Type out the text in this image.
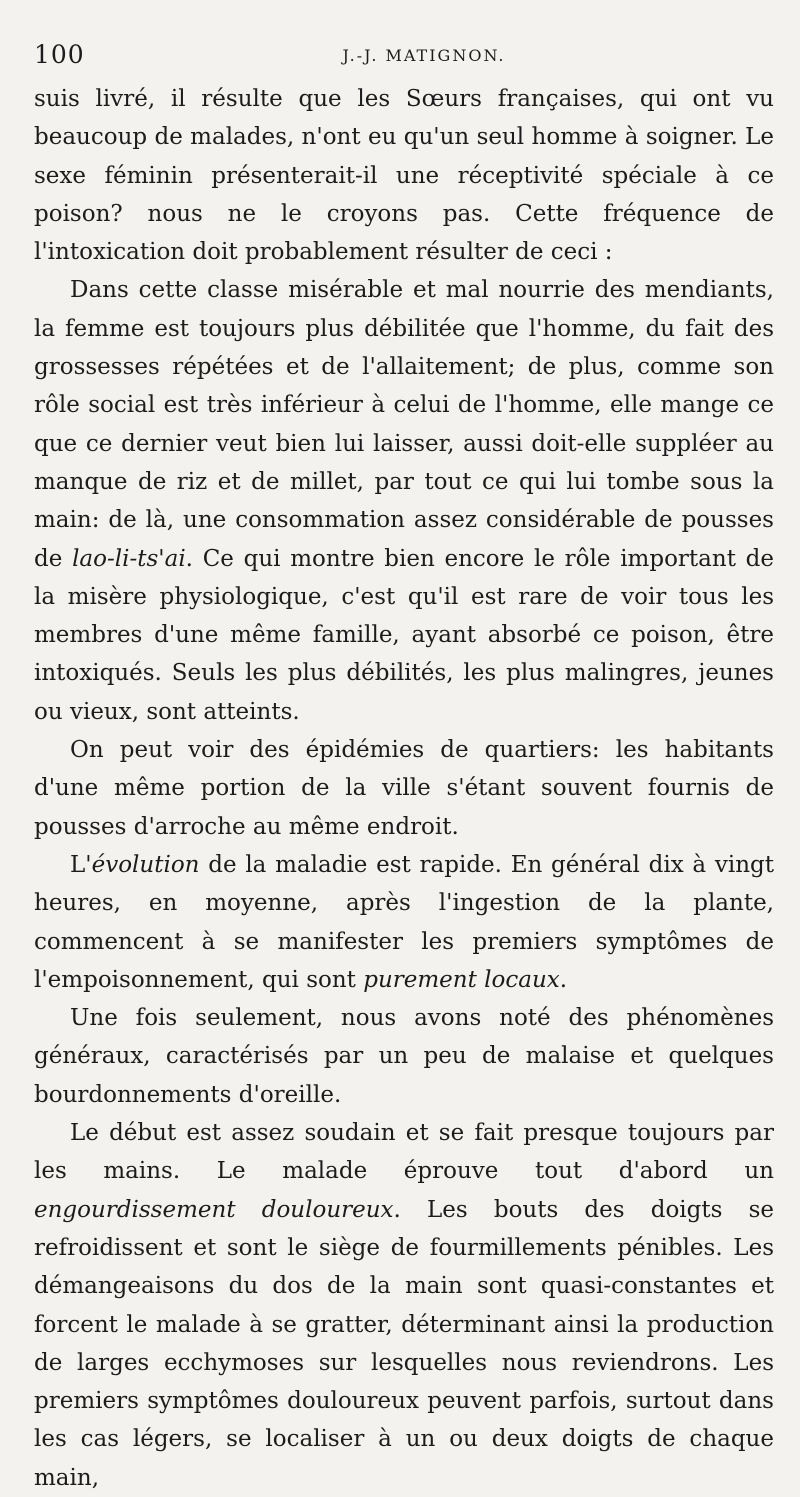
100	J.-J. MATIGNON.

suis livré, il résulte que les Sœurs françaises, qui ont vu beaucoup de malades, n'ont eu qu'un seul homme à soigner. Le sexe féminin présenterait-il une réceptivité spéciale à ce poison? nous ne le croyons pas. Cette fréquence de l'intoxication doit probablement résulter de ceci :

Dans cette classe misérable et mal nourrie des mendiants, la femme est toujours plus débilitée que l'homme, du fait des grossesses répétées et de l'allaitement; de plus, comme son rôle social est très inférieur à celui de l'homme, elle mange ce que ce dernier veut bien lui laisser, aussi doit-elle suppléer au manque de riz et de millet, par tout ce qui lui tombe sous la main: de là, une consommation assez considérable de pousses de lao-li-ts'ai. Ce qui montre bien encore le rôle important de la misère physiologique, c'est qu'il est rare de voir tous les membres d'une même famille, ayant absorbé ce poison, être intoxiqués. Seuls les plus débilités, les plus malingres, jeunes ou vieux, sont atteints.

On peut voir des épidémies de quartiers: les habitants d'une même portion de la ville s'étant souvent fournis de pousses d'arroche au même endroit.

L'évolution de la maladie est rapide. En général dix à vingt heures, en moyenne, après l'ingestion de la plante, commencent à se manifester les premiers symptômes de l'empoisonnement, qui sont purement locaux.

Une fois seulement, nous avons noté des phénomènes généraux, caractérisés par un peu de malaise et quelques bourdonnements d'oreille.

Le début est assez soudain et se fait presque toujours par les mains. Le malade éprouve tout d'abord un engourdissement douloureux. Les bouts des doigts se refroidissent et sont le siège de fourmillements pénibles. Les démangeaisons du dos de la main sont quasi-constantes et forcent le malade à se gratter, déterminant ainsi la production de larges ecchymoses sur lesquelles nous reviendrons. Les premiers symptômes douloureux peuvent parfois, surtout dans les cas légers, se localiser à un ou deux doigts de chaque main,
